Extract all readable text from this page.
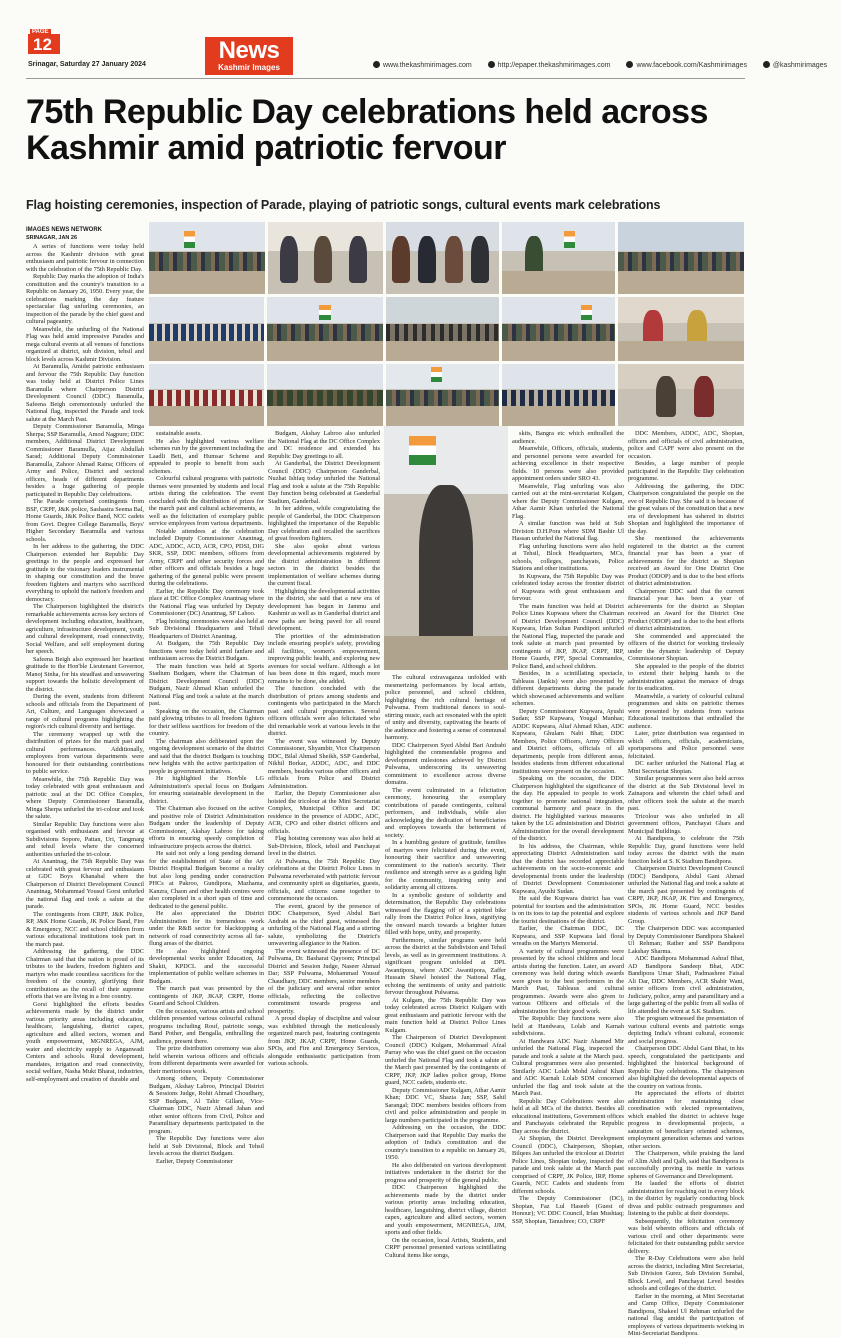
PAGE
12
Srinagar, Saturday 27 January 2024
News
Kashmir Images	www.thekashmirimages.com	http://epaper.thekashmirimages.com	www.facebook.com/Kashmirimages	@kashmirimages
75th Republic Day celebrations held across Kashmir amid patriotic fervour
Flag hoisting ceremonies, inspection of Parade, playing of patriotic songs, cultural events mark celebrations
IMAGES NEWS NETWORK
SRINAGAR, JAN 26

A series of functions were today held across the Kashmir division with great enthusiasm and patriotic fervour in connection with the celebration of the 75th Republic Day.

Republic Day marks the adoption of India's constitution and the country's transition to a Republic on January 26, 1950. Every year, the celebrations marking the day feature spectacular flag unfurling ceremonies, an inspection of the parade by the chief guest and cultural pageantry.

Meanwhile, the unfurling of the National Flag was held amid impressive Parades and mega cultural events at all venues of functions organized at district, sub division, tehsil and block levels across Kashmir Division.

At Baramulla, Amidst patriotic enthusiasm and fervour the 75th Republic Day function was today held at District Police Lines Baramulla where Chairperson District Development Council (DDC) Baramulla, Safeena Beigh ceremoniously unfurled the National flag, inspected the Parade and took salute at the March Past.

Deputy Commissioner Baramulla, Minga Sherpa; SSP Baramulla, Amod Nagpure; DDC members, Additional District Development Commissioner Baramulla, Aijaz Abdullah Sarad; Additional Deputy Commissioner Baramulla, Zahoor Ahmad Raina; Officers of Army and Police, District and sectoral officers, heads of different departments besides a huge gathering of people participated in Republic Day celebrations.

The Parade comprised contingents from BSF, CRPF, J&K police, Sashastra Seema Bal, Home Guards, J&K Police Band, NCC cadets from Govt. Degree College Baramulla, Boys' Higher Secondary Baramulla and various schools.

In her address to the gathering, the DDC Chairperson extended her Republic Day greetings to the people and expressed her gratitude to the visionary leaders instrumental in shaping our constitution and the brave freedom fighters and martyrs who sacrificed everything to uphold the nation's freedom and democracy.

The Chairperson highlighted the district's remarkable achievements across key sectors of development including education, healthcare, agriculture, infrastructure development, youth and cultural development, road connectivity, Social Welfare, and self employment during her speech.

Safeena Beigh also expressed her heartiest gratitude to the Hon'ble Lieutenant Governor, Manoj Sinha, for his steadfast and unwavering support towards the holistic development of the district.

During the event, students from different schools and officials from the Department of Art, Culture, and Languages showcased a range of cultural programs highlighting the region's rich cultural diversity and heritage.

The ceremony wrapped up with the distribution of prizes for the march past and cultural performances. Additionally, employees from various departments were honoured for their outstanding contributions to public service.

Meanwhile, the 75th Republic Day was today celebrated with great enthusiasm and patriotic zeal at the DC Office Complex, where Deputy Commissioner Baramulla, Minga Sherpa unfurled the tri-colour and took the salute.

Similar Republic Day functions were also organised with enthusiasm and fervour at Subdivisions Sopore, Pattan, Uri, Tangmarg and tehsil levels where the concerned authorities unfurled the tri-colour.

At Anantnag, the 75th Republic Day was celebrated with great fervour and enthusiasm at GDC Boys Khanabal where the Chairperson of District Development Council Anantnag, Mohammad Yousuf Gorsi unfurled the national flag and took a salute at the parade.

The contingents from CRPF, J&K Police, RP, J&K Home Guards, JK Police Band, Fire & Emergency, NCC and school children from various educational institutions took part in the march past.

Addressing the gathering, the DDC Chairman said that the nation is proud of its tributes to the leaders, freedom fighters and martyrs who made countless sacrifices for the freedom of the country, glorifying their contributions as the recall of their supreme efforts that we are living in a free country.

Gorsi highlighted the efforts besides achievements made by the district under various priority areas including education, healthcare, languishing, district capex, agriculture and allied sectors, women and youth empowerment, MGNREGA, AJM, water and electricity supply to Anganwadi Centers and schools. Rural development, mandates, irrigation and road connectivity, social welfare, Nasha Mukt Bharat, industries, self-employment and creation of durable and

sustainable assets.

He also highlighted various welfare schemes run by the government including the Laadli Beti, and Humsar Scheme and appealed to people to benefit from such schemes.

Colourful cultural programs with patriotic themes were presented by students and local artists during the celebration. The event concluded with the distribution of prizes for the march past and cultural achievements, as well as the felicitation of exemplary public service employees from various departments.

Notable attendees at the celebration included Deputy Commissioner Anantnag, ADC, ADDC, ACD, ACR, CPO, PDSI, DIG SKR, SSP, DDC members, officers from Army, CRPF and other security forces and other officers and officials besides a huge gathering of the general public were present during the celebrations.

Earlier, the Republic Day ceremony took place at DC Office Complex Anantnag where the National Flag was unfurled by Deputy Commissioner (DC) Anantnag, SF Lahoo.

Flag hoisting ceremonies were also held at Sub Divisional Headquarters and Tehsil Headquarters of District Anantnag.

At Budgam, the 75th Republic Day functions were today held amid fanfare and enthusiasm across the District Budgam.

The main function was held at Sports Stadium Budgam, where the Chairman of District Development Council (DDC) Budgam, Nazir Ahmad Khan unfurled the National Flag and took a salute at the march past.

Speaking on the occasion, the Chairman paid glowing tributes to all freedom fighters for their selfless sacrifices for freedom of the country.

The chairman also deliberated upon the ongoing development scenario of the district and said that the district Budgam is touching new heights with the active participation of people in government initiatives.

He highlighted the Hon'ble LG Administration's special focus on Budgam for ensuring sustainable development in the district.

The Chairman also focused on the active and positive role of District Administration Budgam under the leadership of Deputy Commissioner, Akshay Labroo for taking efforts in ensuring speedy completion of infrastructure projects across the district.

He said not only a long pending demand for the establishment of State of the Art District Hospital Budgam become a reality but also long pending under construction PHCs at Pakroo, Gundipora, Mazhama, Kanzra, Chaon and other health centres were also completed in a short span of time and dedicated to the general public.

He also appreciated the District Administration for its tremendous work under the R&B sector for blacktopping a network of road connectivity across all far-flung areas of the district.

He also highlighted ongoing developmental works under Education, Jal Shakti, KPDCL and the successful implementation of public welfare schemes in Budgam.

The march past was presented by the contingents of JKP, JKAP, CRPF, Home Guard and School Children.

On the occasion, various artists and school children presented various colourful cultural programs including Rouf, patriotic songs, Band Pother, and Bengalla, enthralling the audience, present there.

The prize distribution ceremony was also held wherein various officers and officials from different departments were awarded for their meritorious work.

Among others, Deputy Commissioner Budgam, Akshay Labroo, Principal District & Sessions Judge, Rohit Ahmad Choudhary, SSP Budgam, Al Tahir Gillani, Vice-Chairman DDC, Nazir Ahmad Jahan and other senior officers from Civil, Police and Paramilitary departments participated in the program.

The Republic Day functions were also held at Sub Divisional, Block and Tehsil levels across the district Budgam.

Earlier, Deputy Commissioner

Budgam, Akshay Labroo also unfurled the National Flag at the DC Office Complex and DC residence and extended his Republic Day greetings to all.

At Ganderbal, the District Development Council (DDC) Chairperson Ganderbal, Nuzhat Ishfaq today unfurled the National Flag and took a salute at the 75th Republic Day function being celebrated at Ganderbal Stadium, Ganderbal.

In her address, while congratulating the people of Ganderbal, the DDC Chairperson highlighted the importance of the Republic Day celebration and recalled the sacrifices of great freedom fighters.

She also spoke about various developmental achievements registered by the district administration in different sectors in the district besides the implementation of welfare schemes during the current fiscal.

Highlighting the developmental activities in the district, she said that a new era of development has begun in Jammu and Kashmir as well as in Ganderbal district and new paths are being paved for all round development.

The priorities of the administration include ensuring people's safety, providing all facilities, women's empowerment, improving public health, and exploring new avenues for social welfare. Although a lot has been done in this regard, much more remains to be done, she added.

The function concluded with the distribution of prizes among students and contingents who participated in the March past and cultural programmes. Several officers officials were also felicitated who did remarkable work at various levels in the district.

The event was witnessed by Deputy Commissioner, Shyambir, Vice Chairperson DDC, Bilal Ahmad Sheikh, SSP Ganderbal, Nikhil Borkar, ADDC, ADC, and DDC members, besides various other officers and officials from Police and District Administration.

Earlier, the Deputy Commissioner also hoisted the tricolour at the Mini Secretariat Complex, Municipal Office and DC residence in the presence of ADDC, ADC, ACR, CPO and other district officers and officials.

Flag hoisting ceremony was also held at Sub-Division, Block, tehsil and Panchayat level in the district.

At Pulwama, the 75th Republic Day celebrations at the District Police Lines in Pulwama reverberated with patriotic fervour and community spirit as dignitaries, guests, officials, and citizens came together to commemorate the occasion.

The event, graced by the presence of DDC Chairperson, Syed Abdul Bari Andrabi as the chief guest, witnessed the unfurling of the National Flag and a stirring salute, symbolizing the District's unwavering allegiance to the Nation.

The event witnessed the presence of DC Pulwama, Dr. Basharat Qayoom; Principal District and Session Judge, Naseer Ahmad Dar; SSP Pulwama, Mohammad Yousuf Chaudhary, DDC members, senior members of the judiciary and several other senior officials, reflecting the collective commitment towards progress and prosperity.

A proud display of discipline and valour was exhibited through the meticulously organized march past, featuring contingents from JKP, JKAP, CRPF, Home Guards, SPOs, and Fire and Emergency Services, alongside enthusiastic participation from various schools.

The cultural extravaganza unfolded with mesmerizing performances by local artists, police personnel, and school children, highlighting the rich cultural heritage of Pulwama. From traditional dances to soul-stirring music, each act resonated with the spirit of unity and diversity, captivating the hearts of the audience and fostering a sense of communal harmony.

DDC Chairperson Syed Abdul Bari Andrabi highlighted the commendable progress and development milestones achieved by District Pulwama, underscoring its unwavering commitment to excellence across diverse domains.

The event culminated in a felicitation ceremony, honouring the exemplary contributions of parade contingents, cultural performers, and individuals, while also acknowledging the dedication of beneficiaries and employees towards the betterment of society.

In a humbling gesture of gratitude, families of martyrs were felicitated during the event, honouring their sacrifice and unwavering commitment to the nation's security. Their resilience and strength serve as a guiding light for the community, inspiring unity and solidarity among all citizens.

In a symbolic gesture of solidarity and determination, the Republic Day celebrations witnessed the flagging off of a spirited bike rally from the District Police lines, signifying the onward march towards a brighter future filled with hope, unity, and prosperity.

Furthermore, similar programs were held across the district at the Subdivision and Tehsil levels, as well as in government institutions. A significant program unfolded at DPL Awantipora, where ADC Awantipora, Zaffer Hussain Shawl hoisted the National Flag, echoing the sentiments of unity and patriotic fervour throughout Pulwama.

At Kulgam, the 75th Republic Day was today celebrated across District Kulgam with great enthusiasm and patriotic fervour with the main function held at District Police Lines Kulgam.

The Chairperson of District Development Council (DDC) Kulgam, Mohammad Afzal Parray who was the chief guest on the occasion unfurled the National Flag and took a salute at the March past presented by the contingents of CRPF, JKP, JKP ladies police group, Home guard, NCC cadets, students etc.

Deputy Commissioner Kulgam, Athar Aamir Khan; DDC VC, Shazia Jan; SSP, Sahil Sarangal; DDC members besides officers from civil and police administration and people in large numbers participated in the programme.

Addressing on the occasion, the DDC Chairperson said that Republic Day marks the adoption of India's constitution and the country's transition to a republic on January 26, 1950.

He also deliberated on various development initiatives undertaken in the district for the progress and prosperity of the general public.

DDC Chairperson highlighted the achievements made by the district under various priority areas including education, healthcare, languishing, district village, district capex, agriculture and allied sectors, women and youth empowerment, MGNREGA, JJM, sports and other fields.

On the occasion, local Artists, Students, and CRPF personnel presented various scintillating Cultural items like songs,

skits, Bangra etc which enthralled the audience.

Meanwhile, Officers, officials, students, and personnel persons were awarded for achieving excellence in their respective fields. 10 persons were also provided appointment orders under SRO 43.

Meanwhile, Flag unfurling was also carried out at the mini-secretariat Kulgam, where the Deputy Commissioner Kulgam, Athar Aamir Khan unfurled the National Flag.

A similar function was held at Sub Division D.H.Pora where SDM Bashir Ul Hassan unfurled the National flag.

Flag unfurling functions were also held at Tehsil, Block Headquarters, MCs, schools, colleges, panchayats, Police Stations and other institutions.

In Kupwara, the 75th Republic Day was celebrated today across the frontier district of Kupwara with great enthusiasm and fervour.

The main function was held at District Police Lines Kupwara where the Chairman of District Development Council (DDC) Kupwara, Irfan Sultan Panditpori unfurled the National Flag, inspected the parade and took salute at march past presented by contingents of JKP, JKAP, CRPF, IRP, Home Guards, FPF, Special Commandos, Police Band, and school children.

Besides, in a scintillating spectacle, Tableaus (Jankis) were also presented by different departments during the parade which showcased achievements and welfare schemes.

Deputy Commissioner Kupwara, Ayushi Sudan; SSP Kupwara, Yougal Manhas; ADDC Kupwara, Altaf Ahmad Khan, ADC Kupwara, Ghulam Nabi Bhat; DDC Members, Police Officers, Army Officers and District officers, officials of all departments, people from different areas, besides students from different educational institutions were present on the occasion.

Speaking on the occasion, the DDC Chairperson highlighted the significance of the day. He appealed to people to work together to promote national integration, communal harmony and peace in the district. He highlighted various measures taken by the LG administration and District Administration for the overall development of the district.

In his address, the Chairman, while appreciating District Administration said that the district has recorded appreciable achievements on the socio-economic and developmental fronts under the leadership of District Development Commissioner Kupwara, Ayushi Sudan.

He said the Kupwara district has vast potential for tourism and the administration is on its toes to tap the potential and explore the tourist destinations of the district.

Earlier, the Chairman DDC, DC Kupwara, and SSP Kupwara laid floral wreaths on the Martyrs Memorial.

A variety of cultural programmes were presented by the school children and local artists during the function. Later, an award ceremony was held during which awards were given to the best performers in the March Past, Tableaus and cultural programmes. Awards were also given to various Officers and officials of the administration for their good work.

The Republic Day functions were also held at Handwara, Lolab and Karnah subdivisions.

At Handwara ADC Nazir Ahamed Mir unfurled the National Flag, inspected the parade and took a salute at the March past. Cultural programmes were also presented. Similarly ADC Lolab Mohd Ashraf Khan and ADC Karnah Lolab SDM concerned unfurled the flag and took salute at the March Past.

Republic Day Celebrations were also held at all MCs of the district. Besides all educational institutions, Government offices and Panchayats celebrated the Republic Day across the district.

At Shopian, the District Development Council (DDC), Chairperson, Shopian, Bilqees Jan unfurled the tricolour at District Police Lines, Shopian today, inspected the parade and took salute at the March past comprised of CRPF, JK Police, IRP, Home Guards, NCC Cadets and students from different schools.

The Deputy Commissioner (DC), Shopian, Faz Lul Haseeb (Guest of Honour); VC DDC Council, Irfan Mushtaq; SSP, Shopian, Tanushree; CO, CRPF

DDC Members, ADDC, ADC, Shopian, officers and officials of civil administration, police and CAPF were also present on the occasion.

Besides, a large number of people participated in the Republic Day celebration programme.

Addressing the gathering, the DDC Chairperson congratulated the people on the eve of Republic Day. She said it is because of the great values of the constitution that a new era of development has ushered in district Shopian and highlighted the importance of the day.

She mentioned the achievements registered in the district as the current financial year has been a year of achievements for the district as Shopian received an Award for One District One Product (ODOP) and is due to the best efforts of district administration.

Chairperson DDC said that the current financial year has been a year of achievements for the district as Shopian received an Award for the District One Product (ODOP) and is due to the best efforts of district administration.

She commended and appreciated the officers of the district for working tirelessly under the dynamic leadership of Deputy Commissioner Shopian.

She appealed to the people of the district to extend their helping hands to the administration against the menace of drugs for its eradication.

Meanwhile, a variety of colourful cultural programmes and skits on patriotic themes were presented by students from various Educational institutions that enthralled the audience.

Later, prize distribution was organised in which officers, officials, academicians, sportspersons and Police personnel were felicitated.

DC earlier unfurled the National Flag at Mini Secretariat Shopian.

Similar programmes were also held across the district at the Sub Divisional level in Zainapora and wherein the chief tehsil and other officers took the salute at the march past.

Tricolour was also unfurled in all government offices, Panchayat Ghars and Municipal Buildings.

At Bandipora, to celebrate the 75th Republic Day, grand functions were held today across the district with the main function held at S. K Stadium Bandipora.

Chairperson District Development Council (DDC) Bandipora, Abdul Gani Ahmad unfurled the National flag and took a salute at the march past presented by contingents of CRPF, JKP, JKAP, JK Fire and Emergency, SPOs, JK Home Guard, NCC besides students of various schools and JKP Band Group.

The Chairperson DDC was accompanied by Deputy Commissioner Bandipora Shakeel Ul Rehman; Rather and SSP Bandipora Lakshay Sharma.

ADC Bandipora Mohammad Ashraf Bhat, AD Bandipora Sandeep Bhat, ADC Bandipora Umar Shafi, Padmashree Faisal Ali Dar, DDC Members, ACR Shabir Wani, senior officers from civil administration, Judiciary, police, army and paramilitary and a large gathering of the public from all walks of life attended the event at S.K Stadium.

The program witnessed the presentation of various cultural events and patriotic songs depicting India's vibrant cultural, economic and social progress.

Chairperson DDC Abdul Gani Bhat, in his speech, congratulated the participants and highlighted the historical background of Republic Day celebrations. The chairperson also highlighted the developmental aspects of the country on various fronts.

He appreciated the efforts of district administration for maintaining close coordination with elected representatives, which enabled the district to achieve huge progress in developmental projects, a saturation of beneficiary oriented schemes, employment generation schemes and various other sectors.

The Chairperson, while praising the land of Alim Ahdi and Qalb, said that Bandipora is successfully proving its mettle in various spheres of Governance and Development.

He lauded the efforts of district administration for reaching out in every block in the district by regularly conducting block divas and public outreach programmes and listening to the public at their doorsteps.

Subsequently, the felicitation ceremony was held wherein officers and officials of various civil and other departments were felicitated for their outstanding public service delivery.

The R-Day Celebrations were also held across the district, including Mini Secretariat, Sub Division Gurez, Sub Division Sumbal, Block Level, and Panchayat Level besides schools and colleges of the district.

Earlier in the morning, at Mini Secretariat and Camp Office, Deputy Commissioner Bandipora, Shakeel Ul Rehman unfurled the national flag amidst the participation of employees of various departments working in Mini-Secretariat Bandipora.
